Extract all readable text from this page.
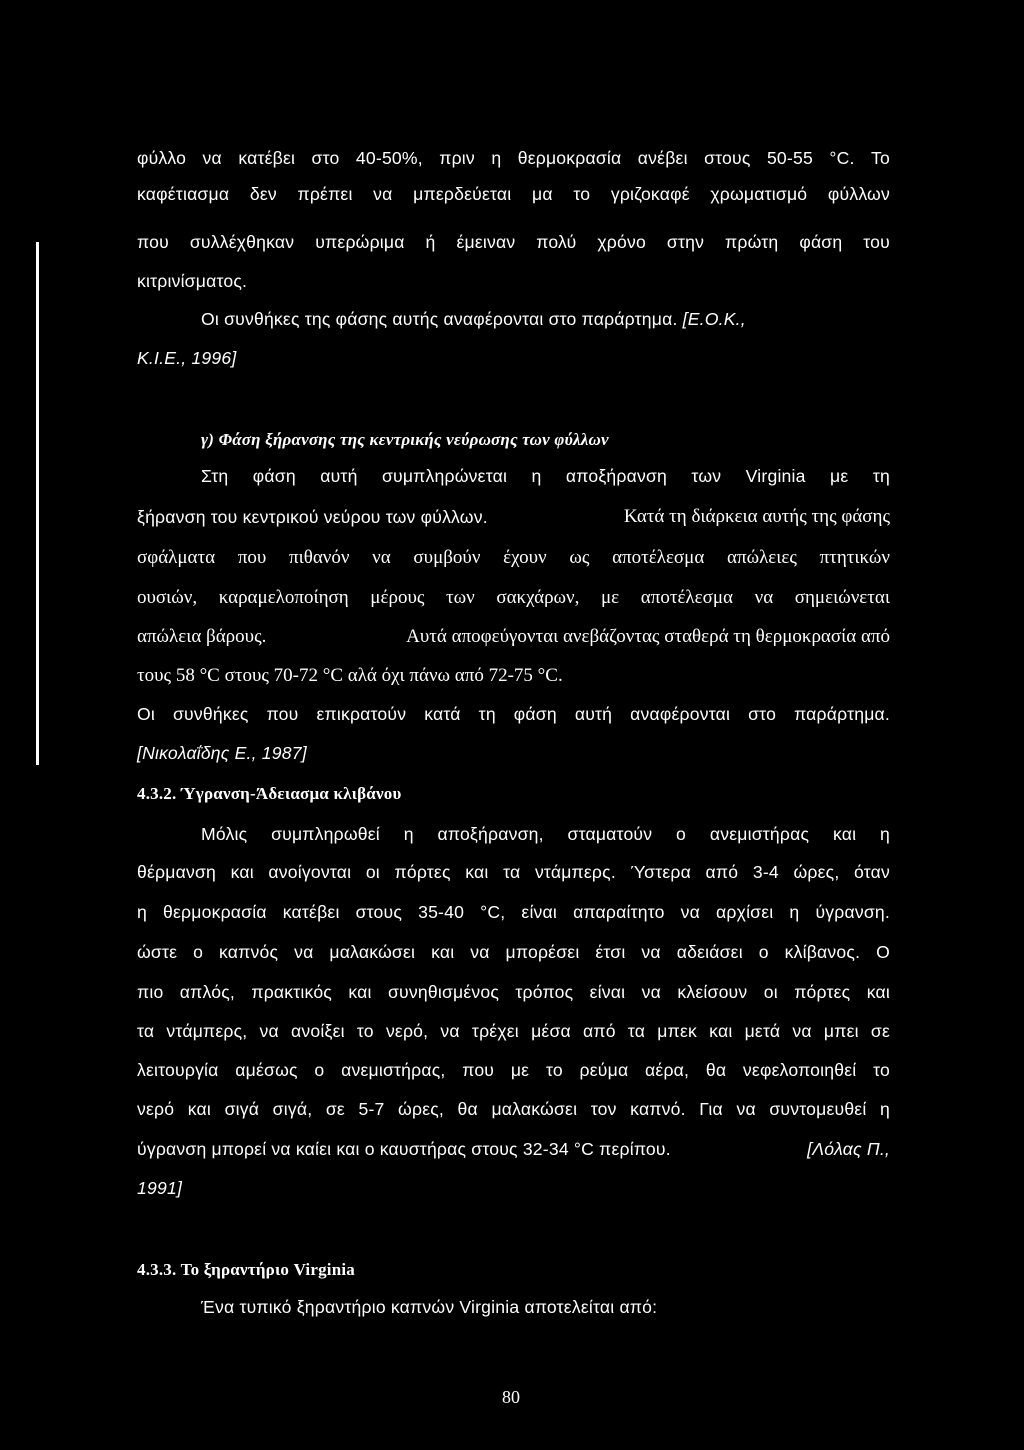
φύλλο να κατέβει στο 40-50%, πριν η θερμοκρασία ανέβει στους 50-55 °C. Το
καφέτιασμα δεν πρέπει να μπερδεύεται μα το γριζοκαφέ χρωματισμό φύλλων
που συλλέχθηκαν υπερώριμα ή έμειναν πολύ χρόνο στην πρώτη φάση του
κιτρινίσματος.
Οι συνθήκες της φάσης αυτής αναφέρονται στο παράρτημα. [Ε.Ο.Κ.,
Κ.Ι.Ε., 1996]
γ) Φάση ξήρανσης της κεντρικής νεύρωσης των φύλλων
Στη φάση αυτή συμπληρώνεται η αποξήρανση των Virginia με τη
ξήρανση του κεντρικού νεύρου των φύλλων.	Κατά τη διάρκεια αυτής της φάσης
σφάλματα που πιθανόν να συμβούν έχουν ως αποτέλεσμα απώλειες πτητικών
ουσιών, καραμελοποίηση μέρους των σακχάρων, με αποτέλεσμα να σημειώνεται
απώλεια βάρους.	Αυτά αποφεύγονται ανεβάζοντας σταθερά τη θερμοκρασία από
τους 58 °C στους 70-72 °C αλά όχι πάνω από 72-75 °C.
Οι συνθήκες που επικρατούν κατά τη φάση αυτή αναφέρονται στο παράρτημα.
[Νικολαΐδης Ε., 1987]
4.3.2. Ύγρανση-Άδειασμα κλιβάνου
Μόλις συμπληρωθεί η αποξήρανση, σταματούν ο ανεμιστήρας και η
θέρμανση και ανοίγονται οι πόρτες και τα ντάμπερς. Ύστερα από 3-4 ώρες, όταν
η θερμοκρασία κατέβει στους 35-40 °C, είναι απαραίτητο να αρχίσει η ύγρανση.
ώστε ο καπνός να μαλακώσει και να μπορέσει έτσι να αδειάσει ο κλίβανος. Ο
πιο απλός, πρακτικός και συνηθισμένος τρόπος είναι να κλείσουν οι πόρτες και
τα ντάμπερς, να ανοίξει το νερό, να τρέχει μέσα από τα μπεκ και μετά να μπει σε
λειτουργία αμέσως ο ανεμιστήρας, που με το ρεύμα αέρα, θα νεφελοποιηθεί το
νερό και σιγά σιγά, σε 5-7 ώρες, θα μαλακώσει τον καπνό. Για να συντομευθεί η
ύγρανση μπορεί να καίει και ο καυστήρας στους 32-34 °C περίπου.	[Λόλας Π.,
1991]
4.3.3. Το ξηραντήριο Virginia
Ένα τυπικό ξηραντήριο καπνών Virginia αποτελείται από:
80
